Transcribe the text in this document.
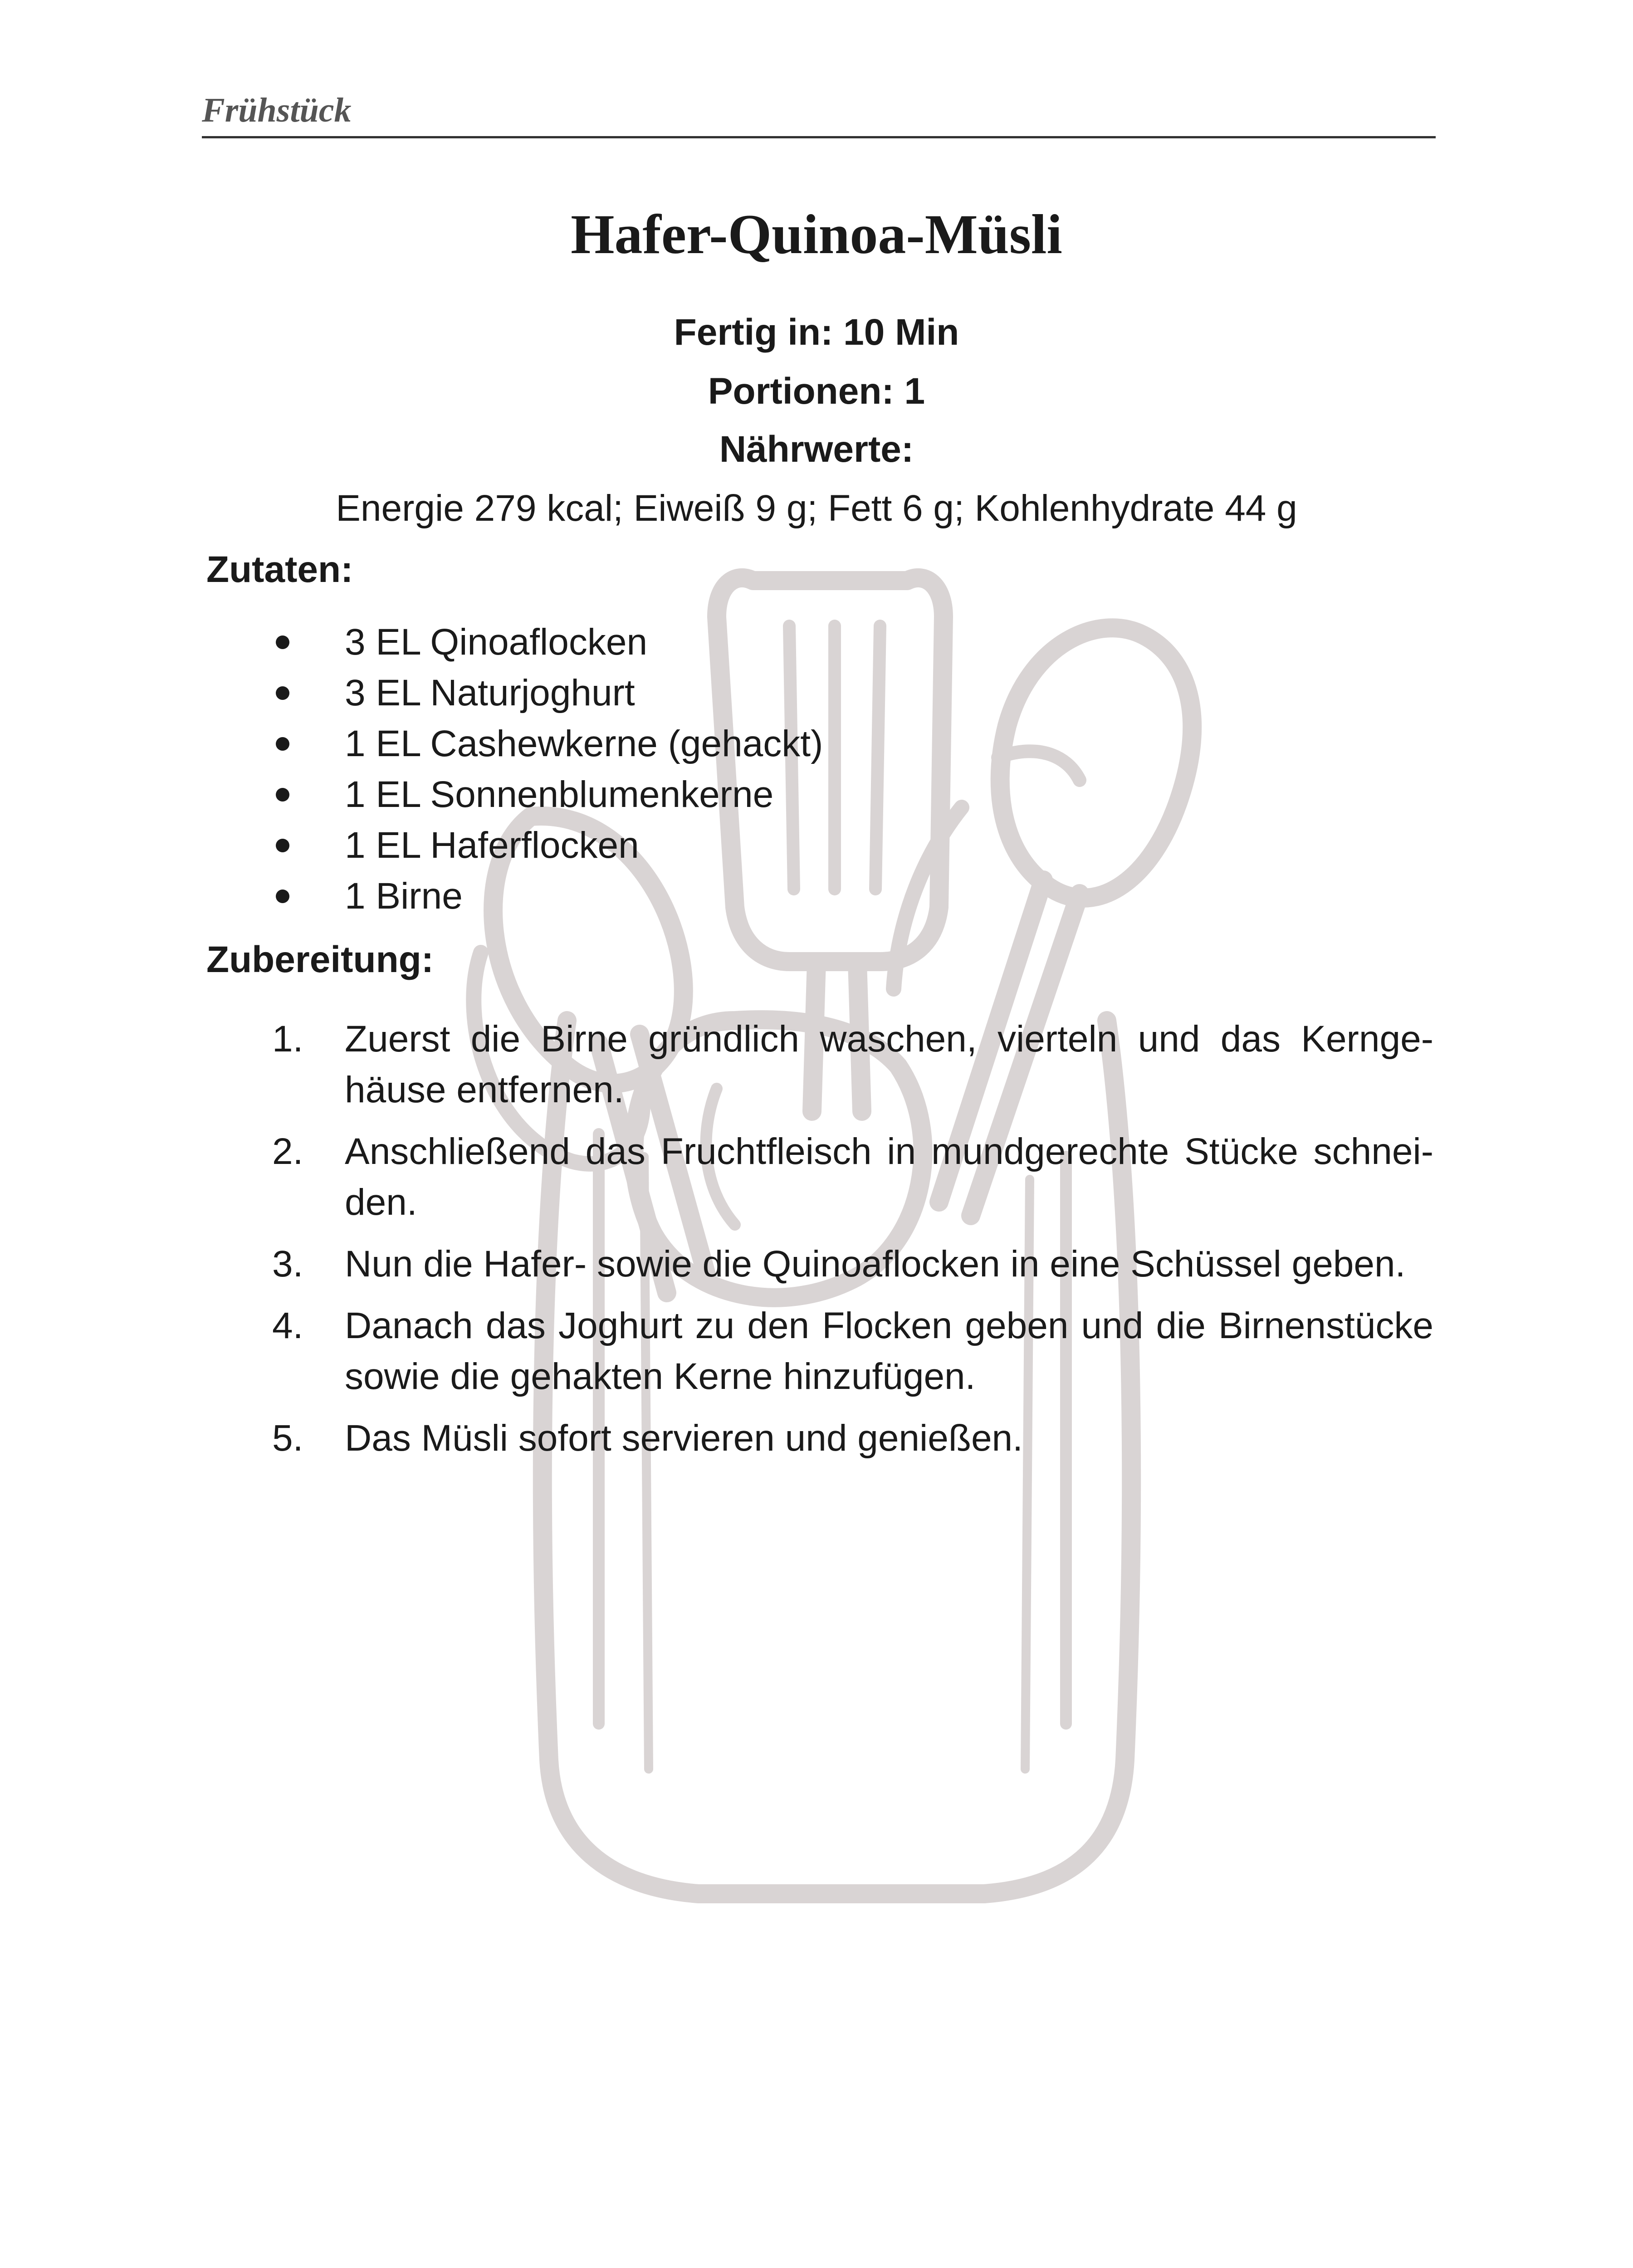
Frühstück
Hafer-Quinoa-Müsli
Fertig in: 10 Min
Portionen: 1
Nährwerte:
Energie 279 kcal; Eiweiß 9 g; Fett 6 g; Kohlenhydrate 44 g
Zutaten:
3 EL Qinoaflocken
3 EL Naturjoghurt
1 EL Cashewkerne (gehackt)
1 EL Sonnenblumenkerne
1 EL Haferflocken
1 Birne
Zubereitung:
1. Zuerst die Birne gründlich waschen, vierteln und das Kerngehäuse entfernen.
2. Anschließend das Fruchtfleisch in mundgerechte Stücke schneiden.
3. Nun die Hafer- sowie die Quinoaflocken in eine Schüssel geben.
4. Danach das Joghurt zu den Flocken geben und die Birnenstücke sowie die gehakten Kerne hinzufügen.
5. Das Müsli sofort servieren und genießen.
